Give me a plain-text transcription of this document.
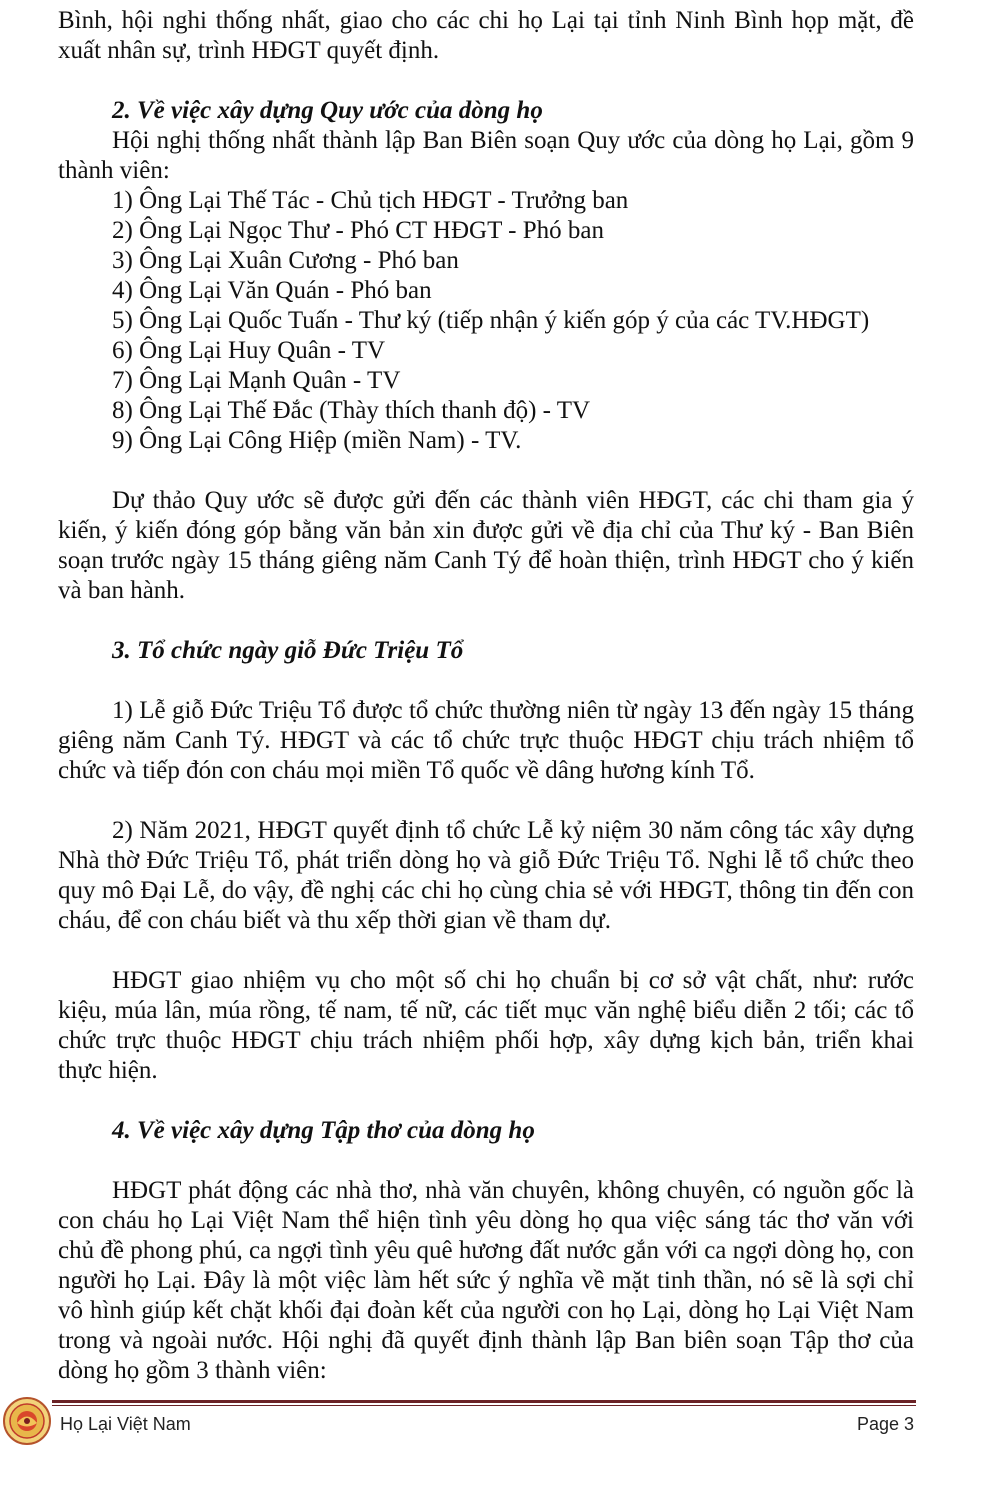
Bình, hội nghi thống nhất, giao cho các chi họ Lại tại tỉnh Ninh Bình họp mặt, đề xuất nhân sự, trình HĐGT quyết định.

2. Về việc xây dựng Quy ước của dòng họ

Hội nghị thống nhất thành lập Ban Biên soạn Quy ước của dòng họ Lại, gồm 9 thành viên:

1) Ông Lại Thế Tác - Chủ tịch HĐGT - Trưởng ban
2) Ông Lại Ngọc Thư - Phó CT HĐGT - Phó ban
3) Ông Lại Xuân Cương - Phó ban
4) Ông Lại Văn Quán - Phó ban
5) Ông Lại Quốc Tuấn - Thư ký (tiếp nhận ý kiến góp ý của các TV.HĐGT)
6) Ông Lại Huy Quân - TV
7) Ông Lại Mạnh Quân - TV
8) Ông Lại Thế Đắc (Thày thích thanh độ) - TV
9) Ông Lại Công Hiệp (miền Nam) - TV.

Dự thảo Quy ước sẽ được gửi đến các thành viên HĐGT, các chi tham gia ý kiến, ý kiến đóng góp bằng văn bản xin được gửi về địa chỉ của Thư ký - Ban Biên soạn trước ngày 15 tháng giêng năm Canh Tý để hoàn thiện, trình HĐGT cho ý kiến và ban hành.

3. Tổ chức ngày giỗ Đức Triệu Tổ

1) Lễ giỗ Đức Triệu Tổ được tổ chức thường niên từ ngày 13 đến ngày 15 tháng giêng năm Canh Tý. HĐGT và các tổ chức trực thuộc HĐGT chịu trách nhiệm tổ chức và tiếp đón con cháu mọi miền Tổ quốc về dâng hương kính Tổ.

2) Năm 2021, HĐGT quyết định tổ chức Lễ kỷ niệm 30 năm công tác xây dựng Nhà thờ Đức Triệu Tổ, phát triển dòng họ và giỗ Đức Triệu Tổ. Nghi lễ tổ chức theo quy mô Đại Lễ, do vậy, đề nghị các chi họ cùng chia sẻ với HĐGT, thông tin đến con cháu, để con cháu biết và thu xếp thời gian về tham dự.

HĐGT giao nhiệm vụ cho một số chi họ chuẩn bị cơ sở vật chất, như: rước kiệu, múa lân, múa rồng, tế nam, tế nữ, các tiết mục văn nghệ biểu diễn 2 tối; các tổ chức trực thuộc HĐGT chịu trách nhiệm phối hợp, xây dựng kịch bản, triển khai thực hiện.

4. Về việc xây dựng Tập thơ của dòng họ

HĐGT phát động các nhà thơ, nhà văn chuyên, không chuyên, có nguồn gốc là con cháu họ Lại Việt Nam thể hiện tình yêu dòng họ qua việc sáng tác thơ văn với chủ đề phong phú, ca ngợi tình yêu quê hương đất nước gắn với ca ngợi dòng họ, con người họ Lại. Đây là một việc làm hết sức ý nghĩa về mặt tinh thần, nó sẽ là sợi chỉ vô hình giúp kết chặt khối đại đoàn kết của người con họ Lại, dòng họ Lại Việt Nam trong và ngoài nước. Hội nghị đã quyết định thành lập Ban biên soạn Tập thơ của dòng họ gồm 3 thành viên:

Họ Lại Việt Nam	Page 3
